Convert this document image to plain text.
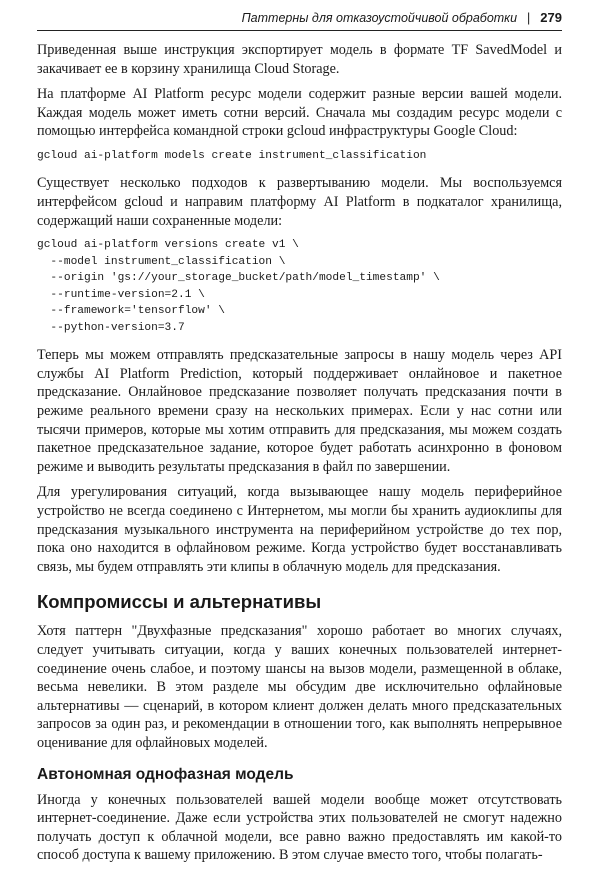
Паттерны для отказоустойчивой обработки | 279

Приведенная выше инструкция экспортирует модель в формате TF SavedModel и закачивает ее в корзину хранилища Cloud Storage.

На платформе AI Platform ресурс модели содержит разные версии вашей модели. Каждая модель может иметь сотни версий. Сначала мы создадим ресурс модели с помощью интерфейса командной строки gcloud инфраструктуры Google Cloud:

gcloud ai-platform models create instrument_classification

Существует несколько подходов к развертыванию модели. Мы воспользуемся интерфейсом gcloud и направим платформу AI Platform в подкаталог хранилища, содержащий наши сохраненные модели:

gcloud ai-platform versions create v1 \
--model instrument_classification \
--origin 'gs://your_storage_bucket/path/model_timestamp' \
--runtime-version=2.1 \
--framework='tensorflow' \
--python-version=3.7

Теперь мы можем отправлять предсказательные запросы в нашу модель через API службы AI Platform Prediction, который поддерживает онлайновое и пакетное предсказание. Онлайновое предсказание позволяет получать предсказания почти в режиме реального времени сразу на нескольких примерах. Если у нас сотни или тысячи примеров, которые мы хотим отправить для предсказания, мы можем создать пакетное предсказательное задание, которое будет работать асинхронно в фоновом режиме и выводить результаты предсказания в файл по завершении.

Для урегулирования ситуаций, когда вызывающее нашу модель периферийное устройство не всегда соединено с Интернетом, мы могли бы хранить аудиоклипы для предсказания музыкального инструмента на периферийном устройстве до тех пор, пока оно находится в офлайновом режиме. Когда устройство будет восстанавливать связь, мы будем отправлять эти клипы в облачную модель для предсказания.

Компромиссы и альтернативы

Хотя паттерн "Двухфазные предсказания" хорошо работает во многих случаях, следует учитывать ситуации, когда у ваших конечных пользователей интернет-соединение очень слабое, и поэтому шансы на вызов модели, размещенной в облаке, весьма невелики. В этом разделе мы обсудим две исключительно офлайновые альтернативы — сценарий, в котором клиент должен делать много предсказательных запросов за один раз, и рекомендации в отношении того, как выполнять непрерывное оценивание для офлайновых моделей.

Автономная однофазная модель

Иногда у конечных пользователей вашей модели вообще может отсутствовать интернет-соединение. Даже если устройства этих пользователей не смогут надежно получать доступ к облачной модели, все равно важно предоставлять им какой-то способ доступа к вашему приложению. В этом случае вместо того, чтобы полагать-
